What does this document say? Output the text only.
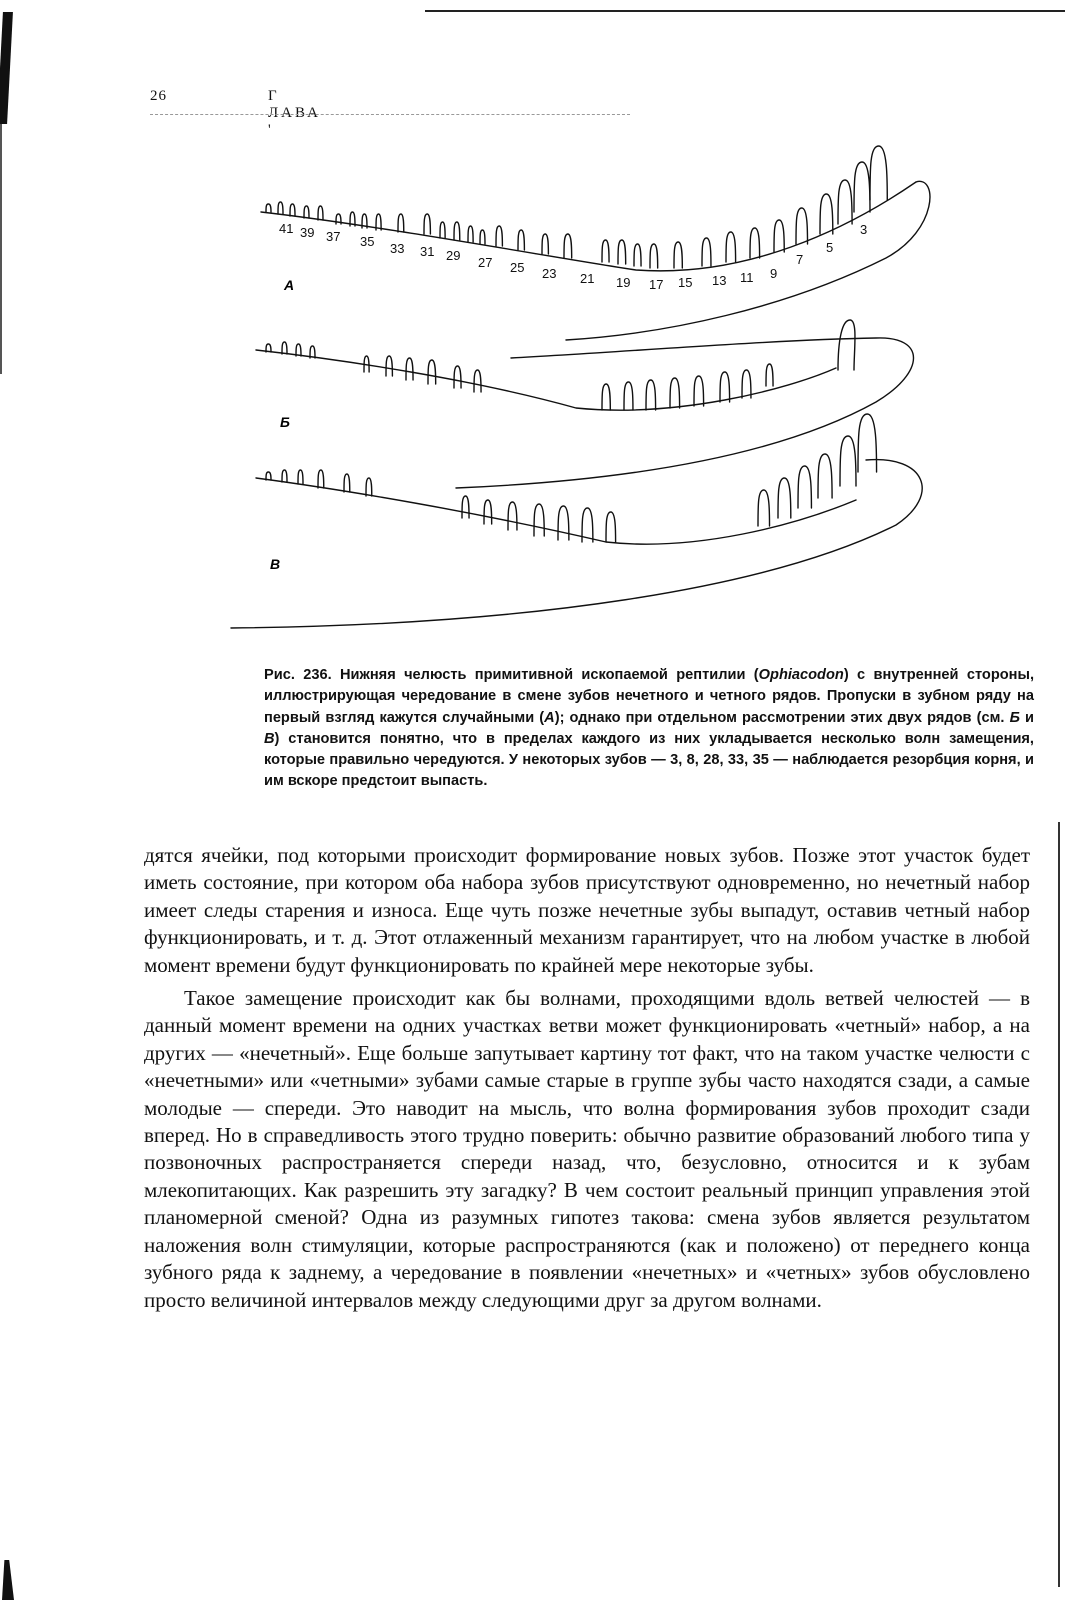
26	Г ЛАВА '
41 39 37 35 33 31 29 27 25 23 21 19 17 15 13 11 9
7
5
3
А
Б
В
Рис. 236. Нижняя челюсть примитивной ископаемой рептилии (Ophiacodon) с внутренней стороны, иллюстрирующая чередование в смене зубов нечетного и четного рядов. Пропуски в зубном ряду на первый взгляд кажутся случайными (А); однако при отдельном рассмотрении этих двух рядов (см. Б и В) становится понятно, что в пределах каждого из них укладывается несколько волн замещения, которые правильно чередуются. У некоторых зубов — 3, 8, 28, 33, 35 — наблюдается резорбция корня, и им вскоре предстоит выпасть.

дятся ячейки, под которыми происходит формирование новых зубов. Позже этот участок будет иметь состояние, при котором оба набора зубов присутствуют одновременно, но нечетный набор имеет следы старения и износа. Еще чуть позже нечетные зубы выпадут, оставив четный набор функционировать, и т. д. Этот отлаженный механизм гарантирует, что на любом участке в любой момент времени будут функционировать по крайней мере некоторые зубы.

Такое замещение происходит как бы волнами, проходящими вдоль ветвей челюстей — в данный момент времени на одних участках ветви может функционировать «четный» набор, а на других — «нечетный». Еще больше запутывает картину тот факт, что на таком участке челюсти с «нечетными» или «четными» зубами самые старые в группе зубы часто находятся сзади, а самые молодые — спереди. Это наводит на мысль, что волна формирования зубов проходит сзади вперед. Но в справедливость этого трудно поверить: обычно развитие образований любого типа у позвоночных распространяется спереди назад, что, безусловно, относится и к зубам млекопитающих. Как разрешить эту загадку? В чем состоит реальный принцип управления этой планомерной сменой? Одна из разумных гипотез такова: смена зубов является результатом наложения волн стимуляции, которые распространяются (как и положено) от переднего конца зубного ряда к заднему, а чередование в появлении «нечетных» и «четных» зубов обусловлено просто величиной интервалов между следующими друг за другом волнами.
